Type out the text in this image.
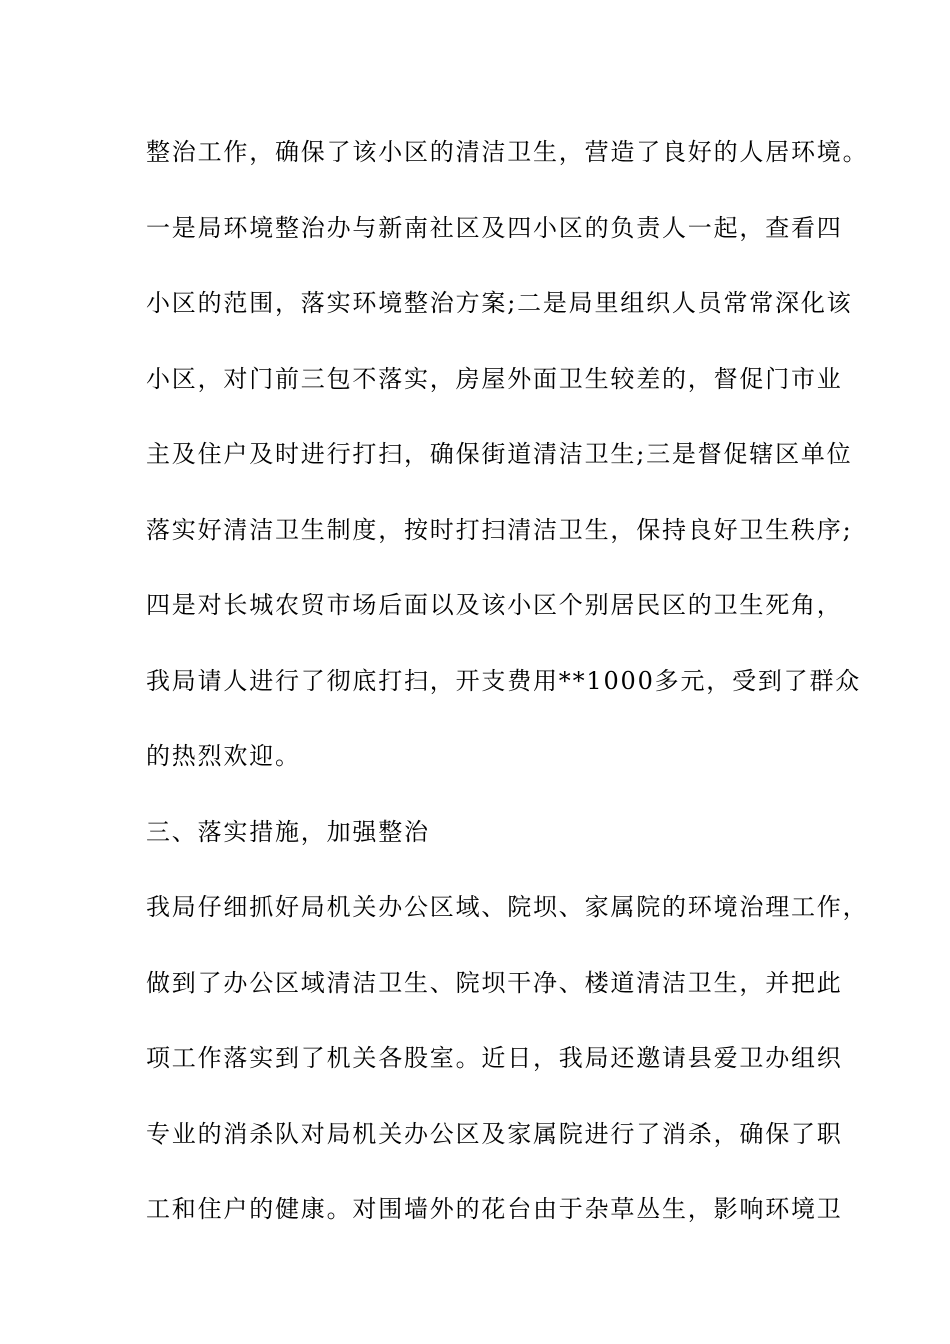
整治工作，确保了该小区的清洁卫生，营造了良好的人居环境。
一是局环境整治办与新南社区及四小区的负责人一起，查看四
小区的范围，落实环境整治方案;二是局里组织人员常常深化该
小区，对门前三包不落实，房屋外面卫生较差的，督促门市业
主及住户及时进行打扫，确保街道清洁卫生;三是督促辖区单位
落实好清洁卫生制度，按时打扫清洁卫生，保持良好卫生秩序;
四是对长城农贸市场后面以及该小区个别居民区的卫生死角，
我局请人进行了彻底打扫，开支费用**1000多元，受到了群众
的热烈欢迎。
三、落实措施，加强整治
我局仔细抓好局机关办公区域、院坝、家属院的环境治理工作，
做到了办公区域清洁卫生、院坝干净、楼道清洁卫生，并把此
项工作落实到了机关各股室。近日，我局还邀请县爱卫办组织
专业的消杀队对局机关办公区及家属院进行了消杀，确保了职
工和住户的健康。对围墙外的花台由于杂草丛生，影响环境卫
